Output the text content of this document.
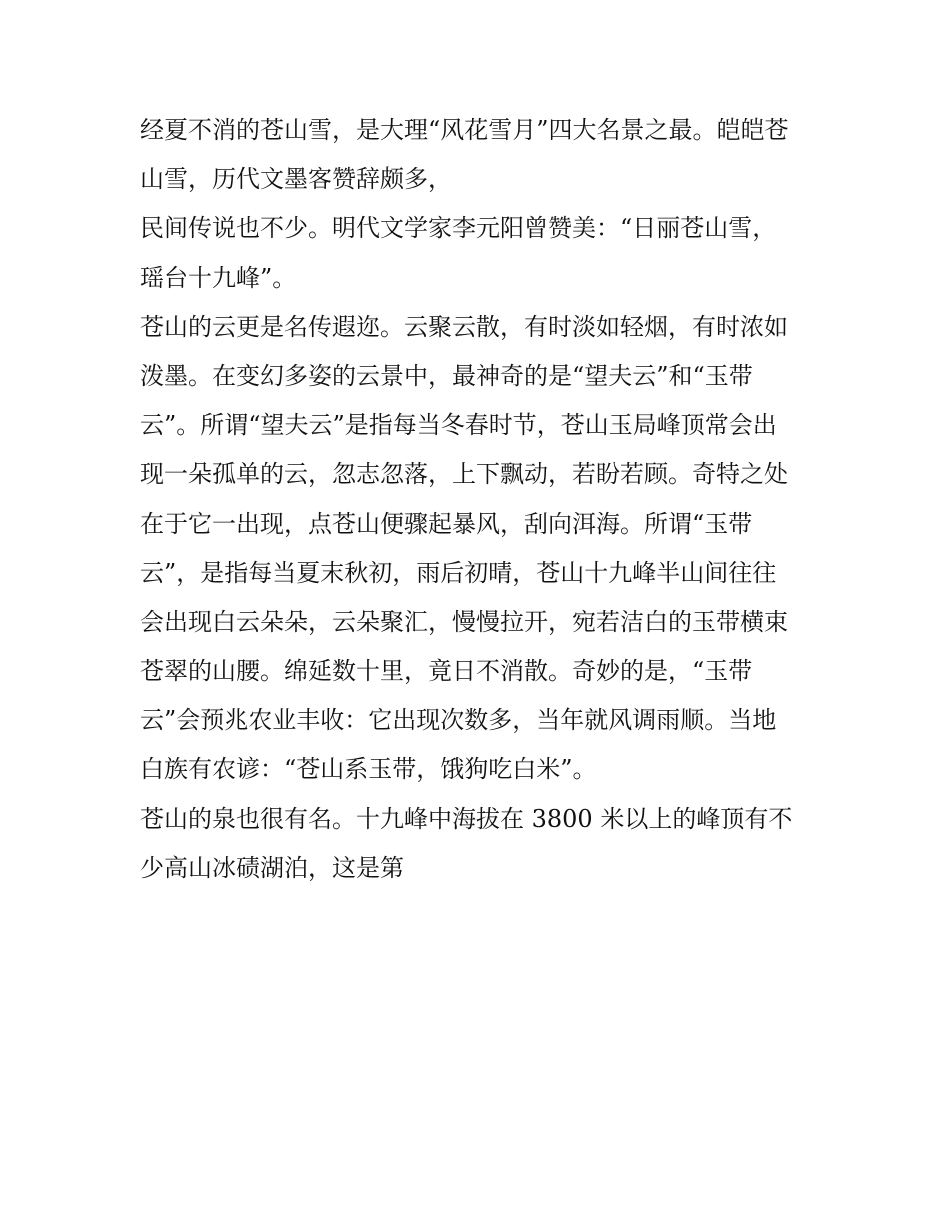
经夏不消的苍山雪，是大理“风花雪月”四大名景之最。皑皑苍
山雪，历代文墨客赞辞颇多，
民间传说也不少。明代文学家李元阳曾赞美：“日丽苍山雪，
瑶台十九峰”。
苍山的云更是名传遐迩。云聚云散，有时淡如轻烟，有时浓如
泼墨。在变幻多姿的云景中，最神奇的是“望夫云”和“玉带
云”。所谓“望夫云”是指每当冬春时节，苍山玉局峰顶常会出
现一朵孤单的云，忽志忽落，上下飘动，若盼若顾。奇特之处
在于它一出现，点苍山便骤起暴风，刮向洱海。所谓“玉带
云”，是指每当夏末秋初，雨后初晴，苍山十九峰半山间往往
会出现白云朵朵，云朵聚汇，慢慢拉开，宛若洁白的玉带横束
苍翠的山腰。绵延数十里，竟日不消散。奇妙的是，“玉带
云”会预兆农业丰收：它出现次数多，当年就风调雨顺。当地
白族有农谚：“苍山系玉带，饿狗吃白米”。
苍山的泉也很有名。十九峰中海拔在 3800 米以上的峰顶有不
少高山冰碛湖泊，这是第
